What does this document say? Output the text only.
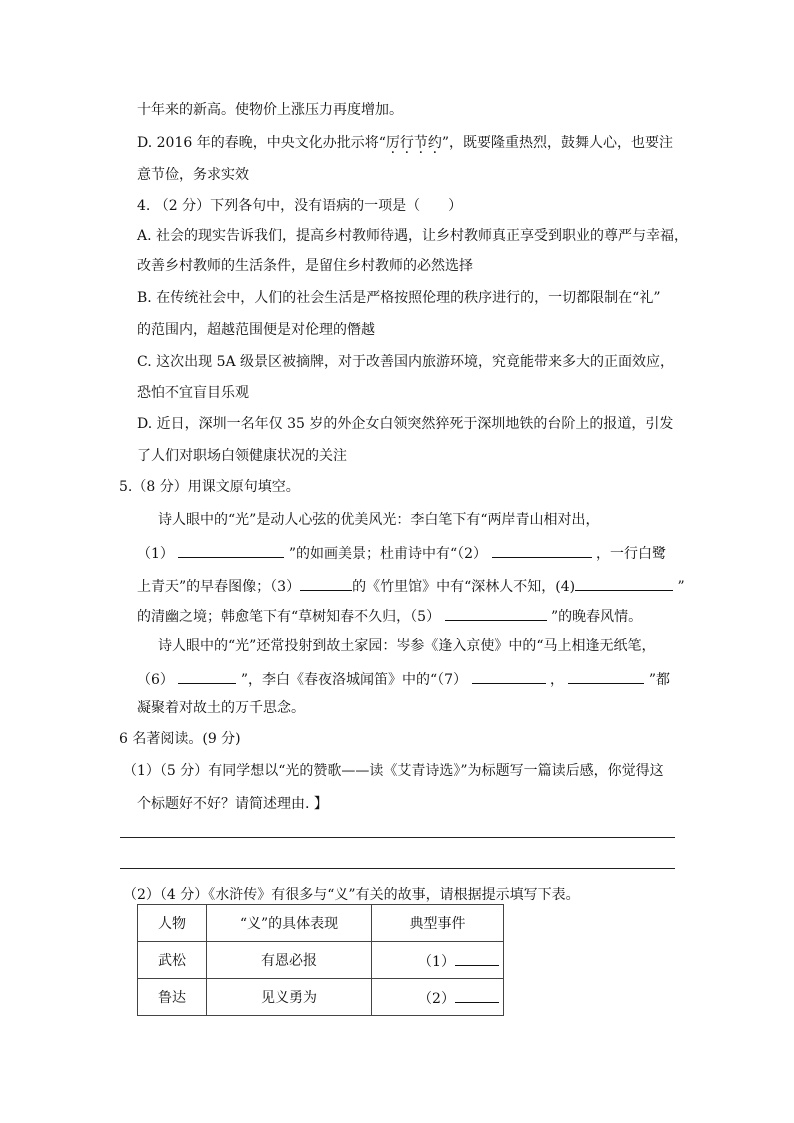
十年来的新高。使物价上涨压力再度增加。
D. 2016 年的春晚，中央文化办批示将“厉行节约”，既要隆重热烈，鼓舞人心，也要注
意节俭，务求实效
4. （2 分）下列各句中，没有语病的一项是（　　）
A. 社会的现实告诉我们，提高乡村教师待遇，让乡村教师真正享受到职业的尊严与幸福，
改善乡村教师的生活条件，是留住乡村教师的必然选择
B. 在传统社会中，人们的社会生活是严格按照伦理的秩序进行的，一切都限制在“礼”
的范围内，超越范围便是对伦理的僭越
C. 这次出现 5A 级景区被摘牌，对于改善国内旅游环境，究竟能带来多大的正面效应，
恐怕不宜盲目乐观
D. 近日，深圳一名年仅 35 岁的外企女白领突然猝死于深圳地铁的台阶上的报道，引发
了人们对职场白领健康状况的关注
5.（8 分）用课文原句填空。
诗人眼中的“光”是动人心弦的优美风光：李白笔下有“两岸青山相对出，
（1）	”的如画美景；杜甫诗中有“（2）	，一行白鹭
上青天”的早春图像；（3）	的《竹里馆》中有“深林人不知，(4)	”
的清幽之境；韩愈笔下有“草树知春不久归，（5）	”的晚春风情。
诗人眼中的“光”还常投射到故土家园：岑参《逢入京使》中的“马上相逢无纸笔，
（6）	”，李白《春夜洛城闻笛》中的“（7）	，	”都
凝聚着对故土的万千思念。
6 名著阅读。(9 分)
（1）（5 分）有同学想以“光的赞歌——读《艾青诗选》”为标题写一篇读后感，你觉得这
个标题好不好？请简述理由. 】
（2）（4 分）《水浒传》有很多与“义”有关的故事，请根据提示填写下表。
人物	“义”的具体表现	典型事件
武松	有恩必报	（1）
鲁达	见义勇为	（2）
